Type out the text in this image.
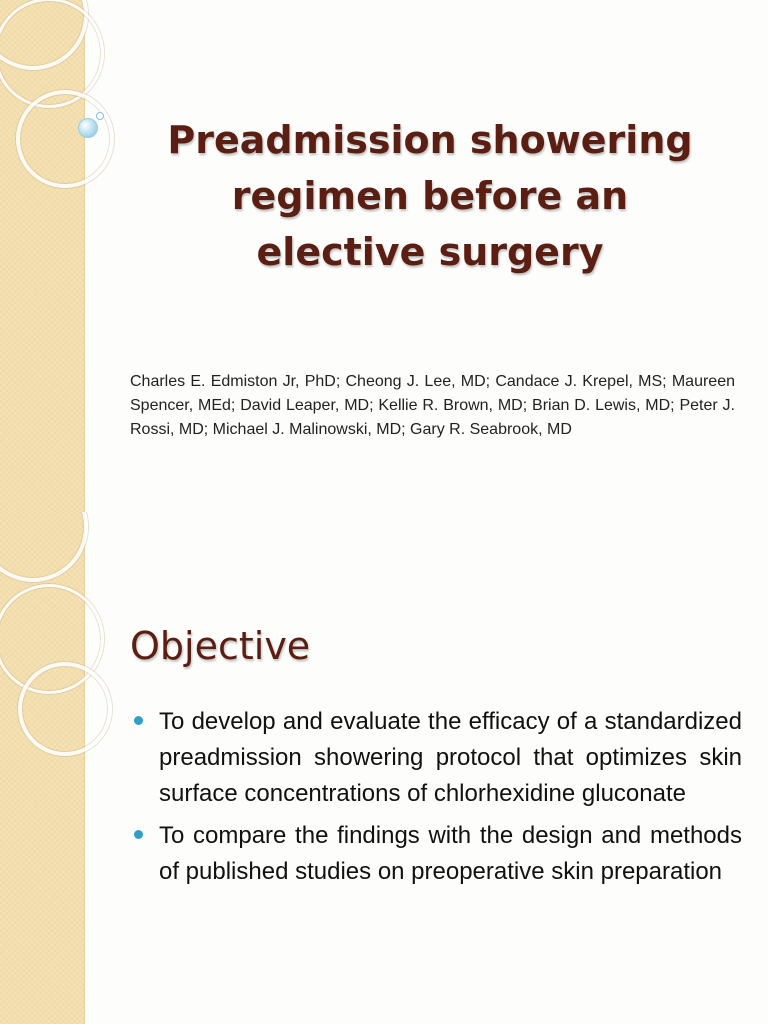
Preadmission showering
regimen before an
elective surgery
Charles E. Edmiston Jr, PhD; Cheong J. Lee, MD; Candace J. Krepel, MS; Maureen Spencer, MEd; David Leaper, MD; Kellie R. Brown, MD; Brian D. Lewis, MD; Peter J. Rossi, MD; Michael J. Malinowski, MD; Gary R. Seabrook, MD
Objective
To develop and evaluate the efficacy of a standardized preadmission showering protocol that optimizes skin surface concentrations of chlorhexidine gluconate
To compare the findings with the design and methods of published studies on preoperative skin preparation
